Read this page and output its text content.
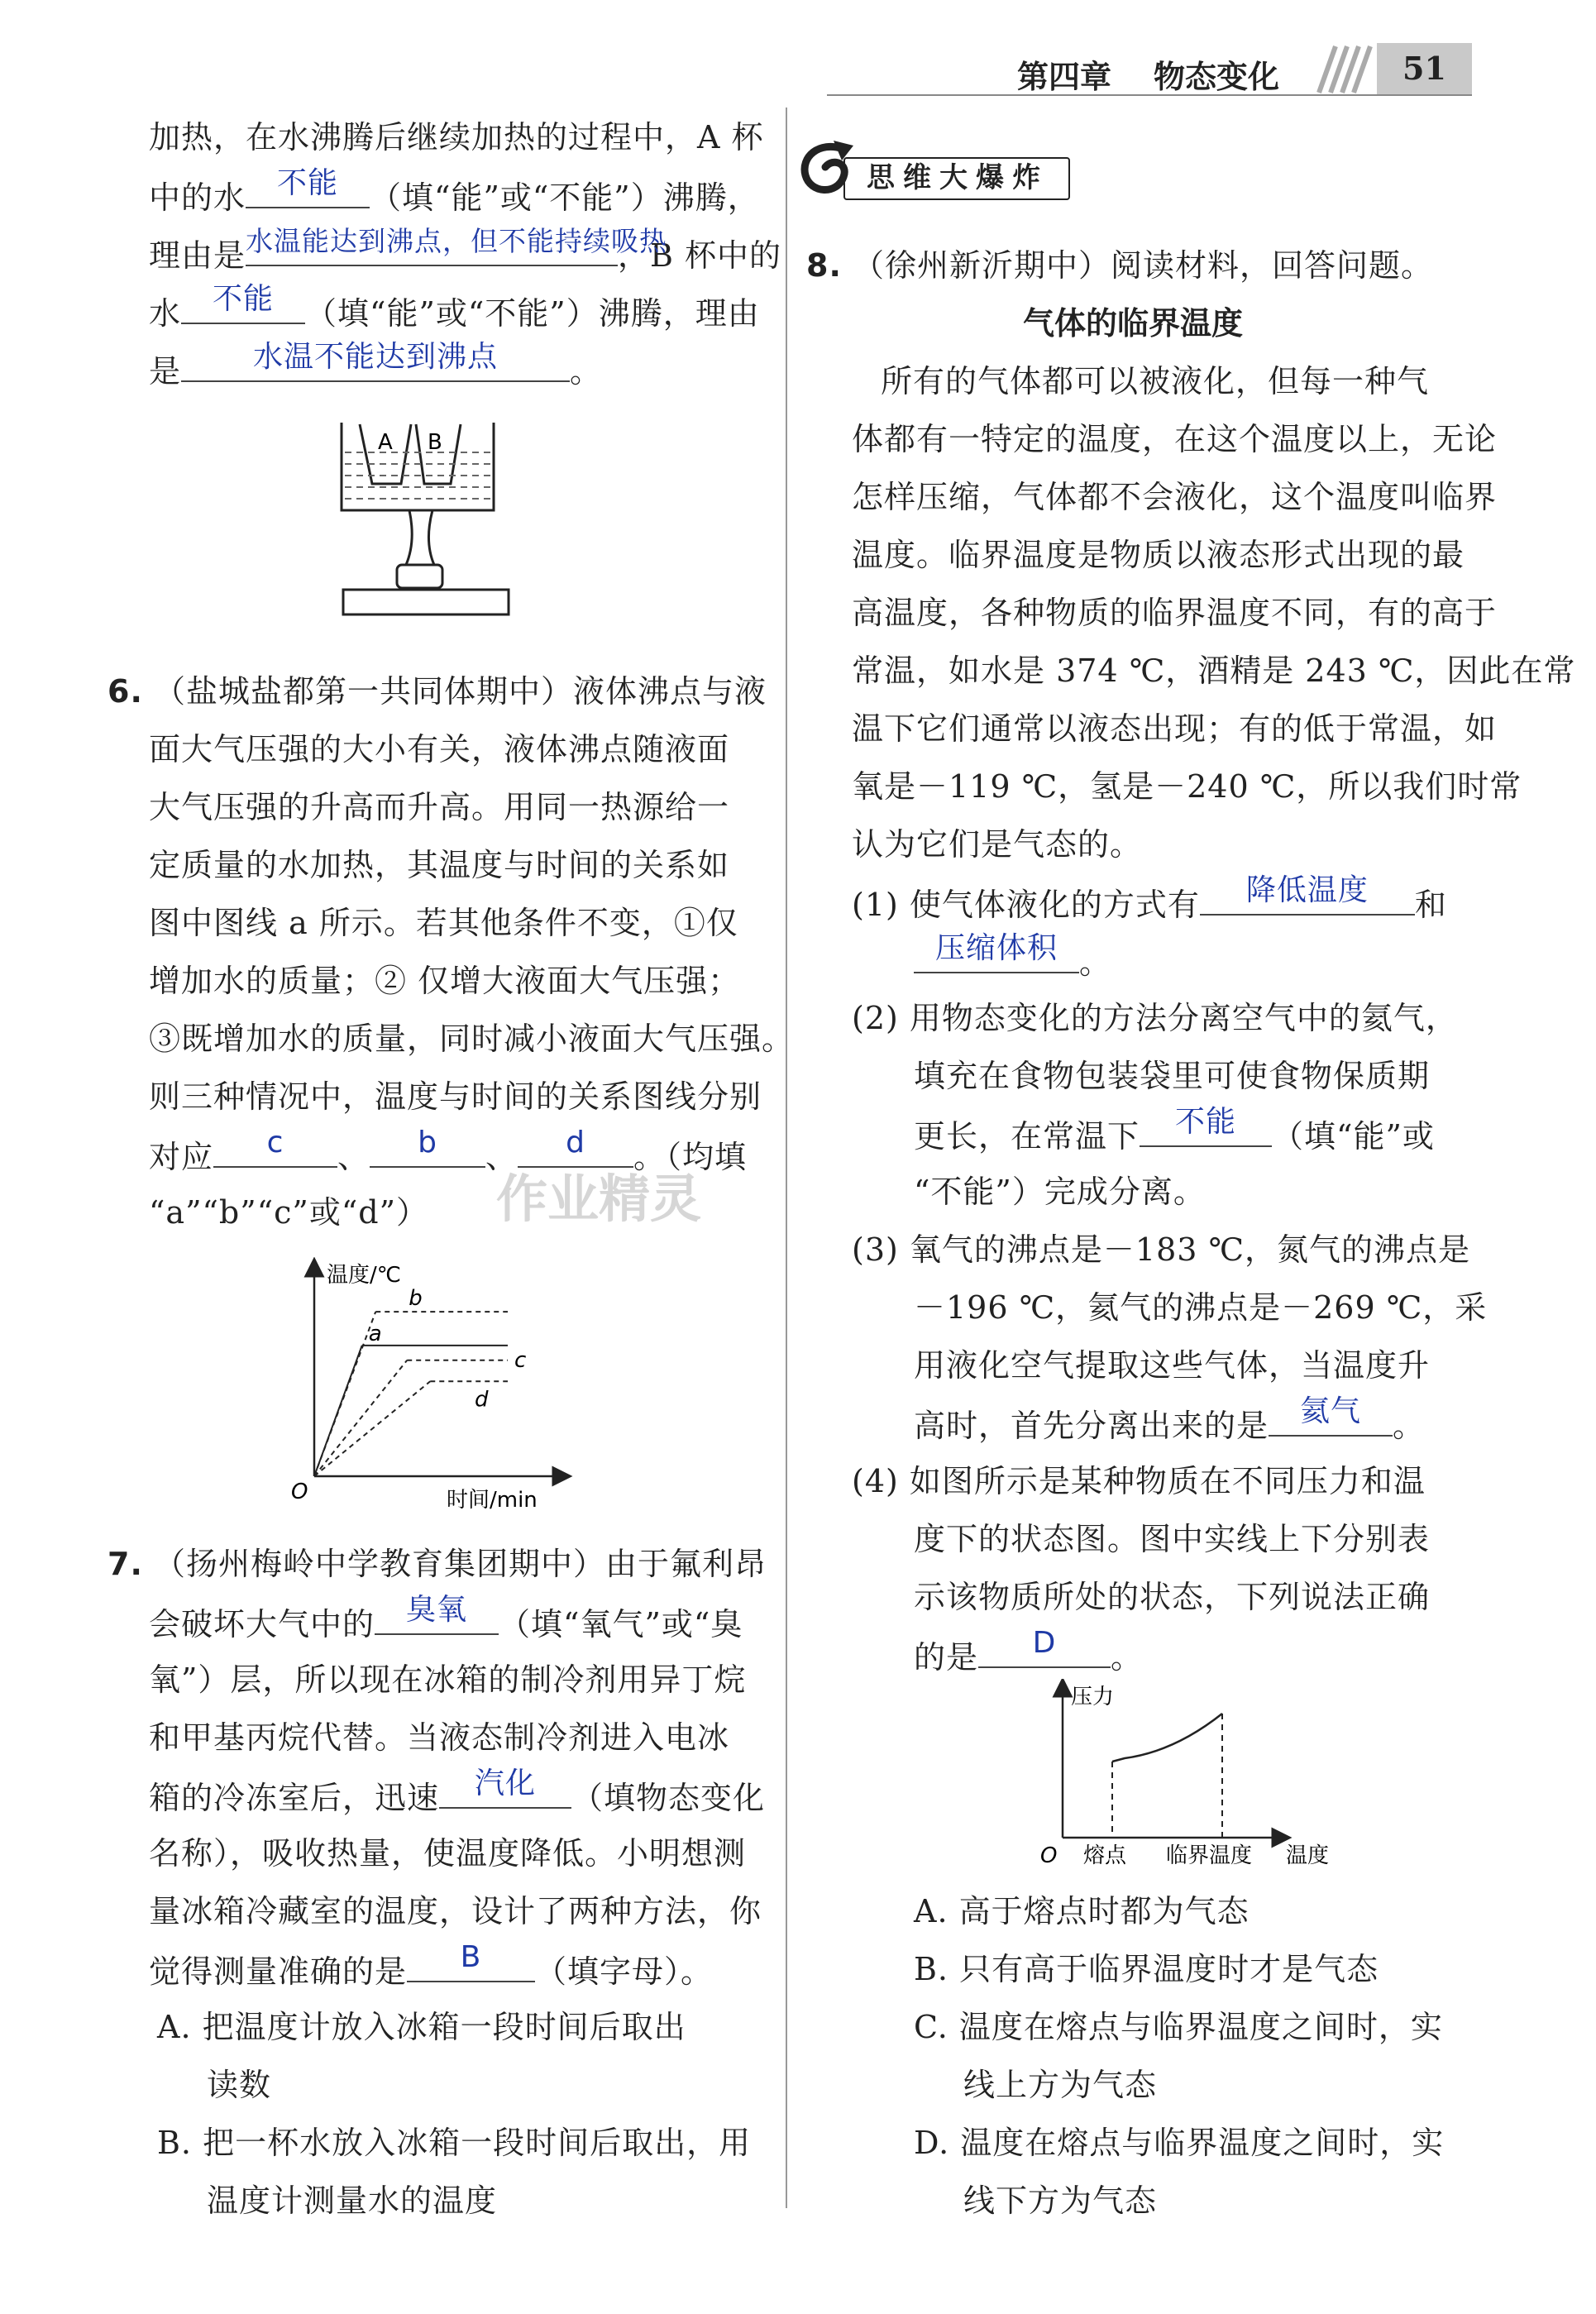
第四章 物态变化	51
加热，在水沸腾后继续加热的过程中，A 杯
中的水	不能	（填“能”或“不能”）沸腾，
理由是 水温能达到沸点，但不能持续吸热
，B 杯中的
水	不能	（填“能”或“不能”）沸腾，理由
是	水温不能达到沸点	。
A B
6. （盐城盐都第一共同体期中）液体沸点与液
面大气压强的大小有关，液体沸点随液面
大气压强的升高而升高。用同一热源给一
定质量的水加热，其温度与时间的关系如
图中图线 a 所示。若其他条件不变，①仅
增加水的质量；② 仅增大液面大气压强；
③既增加水的质量，同时减小液面大气压强。
则三种情况中，温度与时间的关系图线分别
对应	c	、	b	、	d	。（均填
“a”“b”“c”或“d”） 作业精灵
温度/℃
时间/min
O
a
b
c
d
7. （扬州梅岭中学教育集团期中）由于氟利昂
会破坏大气中的	臭氧	（填“氧气”或“臭
氧”）层，所以现在冰箱的制冷剂用异丁烷
和甲基丙烷代替。当液态制冷剂进入电冰
箱的冷冻室后，迅速	汽化	（填物态变化
名称），吸收热量，使温度降低。小明想测
量冰箱冷藏室的温度，设计了两种方法，你
觉得测量准确的是	B	（填字母）。
A. 把温度计放入冰箱一段时间后取出
读数
B. 把一杯水放入冰箱一段时间后取出，用
温度计测量水的温度
思维大爆炸
8. （徐州新沂期中）阅读材料，回答问题。
气体的临界温度
所有的气体都可以被液化，但每一种气
体都有一特定的温度，在这个温度以上，无论
怎样压缩，气体都不会液化，这个温度叫临界
温度。临界温度是物质以液态形式出现的最
高温度，各种物质的临界温度不同，有的高于
常温，如水是 374 ℃，酒精是 243 ℃，因此在常
温下它们通常以液态出现；有的低于常温，如
氧是－119 ℃，氢是－240 ℃，所以我们时常
认为它们是气态的。
(1) 使气体液化的方式有	降低温度	和
压缩体积 。
(2) 用物态变化的方法分离空气中的氦气，
填充在食物包装袋里可使食物保质期
更长，在常温下	不能	（填“能”或
“不能”）完成分离。
(3) 氧气的沸点是－183 ℃，氮气的沸点是
－196 ℃，氦气的沸点是－269 ℃，采
用液化空气提取这些气体，当温度升
高时，首先分离出来的是	氦气	。
(4) 如图所示是某种物质在不同压力和温
度下的状态图。图中实线上下分别表
示该物质所处的状态，下列说法正确
的是	D	。
压力
O 熔点 临界温度 温度
A. 高于熔点时都为气态
B. 只有高于临界温度时才是气态
C. 温度在熔点与临界温度之间时，实
线上方为气态
D. 温度在熔点与临界温度之间时，实
线下方为气态
